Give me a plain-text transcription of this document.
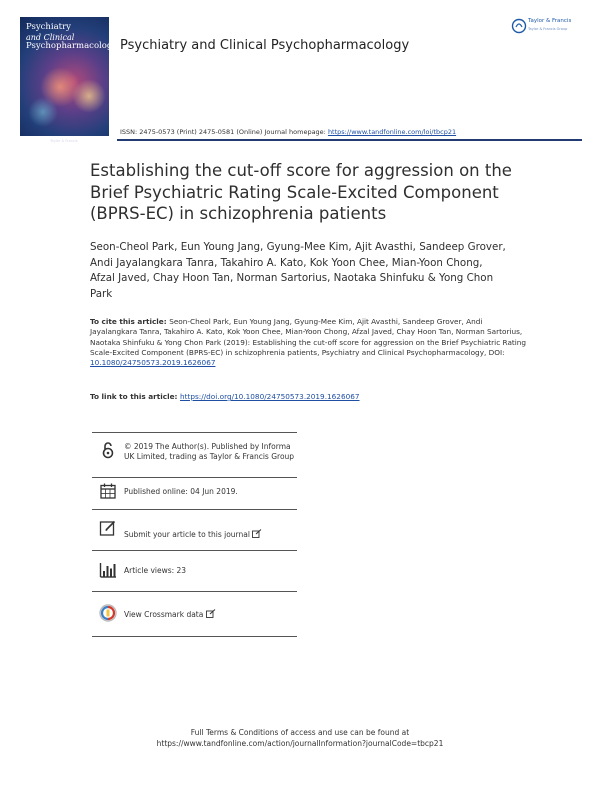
Psychiatry
and Clinical
Psychopharmacology
Taylor & Francis
Psychiatry and Clinical Psychopharmacology
Taylor & Francis
Taylor & Francis Group
ISSN: 2475-0573 (Print) 2475-0581 (Online) Journal homepage: https://www.tandfonline.com/loi/tbcp21
Establishing the cut-off score for aggression on the Brief Psychiatric Rating Scale-Excited Component (BPRS-EC) in schizophrenia patients
Seon-Cheol Park, Eun Young Jang, Gyung-Mee Kim, Ajit Avasthi, Sandeep Grover, Andi Jayalangkara Tanra, Takahiro A. Kato, Kok Yoon Chee, Mian-Yoon Chong, Afzal Javed, Chay Hoon Tan, Norman Sartorius, Naotaka Shinfuku & Yong Chon Park
To cite this article: Seon-Cheol Park, Eun Young Jang, Gyung-Mee Kim, Ajit Avasthi, Sandeep Grover, Andi Jayalangkara Tanra, Takahiro A. Kato, Kok Yoon Chee, Mian-Yoon Chong, Afzal Javed, Chay Hoon Tan, Norman Sartorius, Naotaka Shinfuku & Yong Chon Park (2019): Establishing the cut-off score for aggression on the Brief Psychiatric Rating Scale-Excited Component (BPRS-EC) in schizophrenia patients, Psychiatry and Clinical Psychopharmacology, DOI: 10.1080/24750573.2019.1626067
To link to this article: https://doi.org/10.1080/24750573.2019.1626067
© 2019 The Author(s). Published by Informa UK Limited, trading as Taylor & Francis Group
Published online: 04 Jun 2019.
Submit your article to this journal
Article views: 23
View Crossmark data
Full Terms & Conditions of access and use can be found at
https://www.tandfonline.com/action/journalInformation?journalCode=tbcp21
